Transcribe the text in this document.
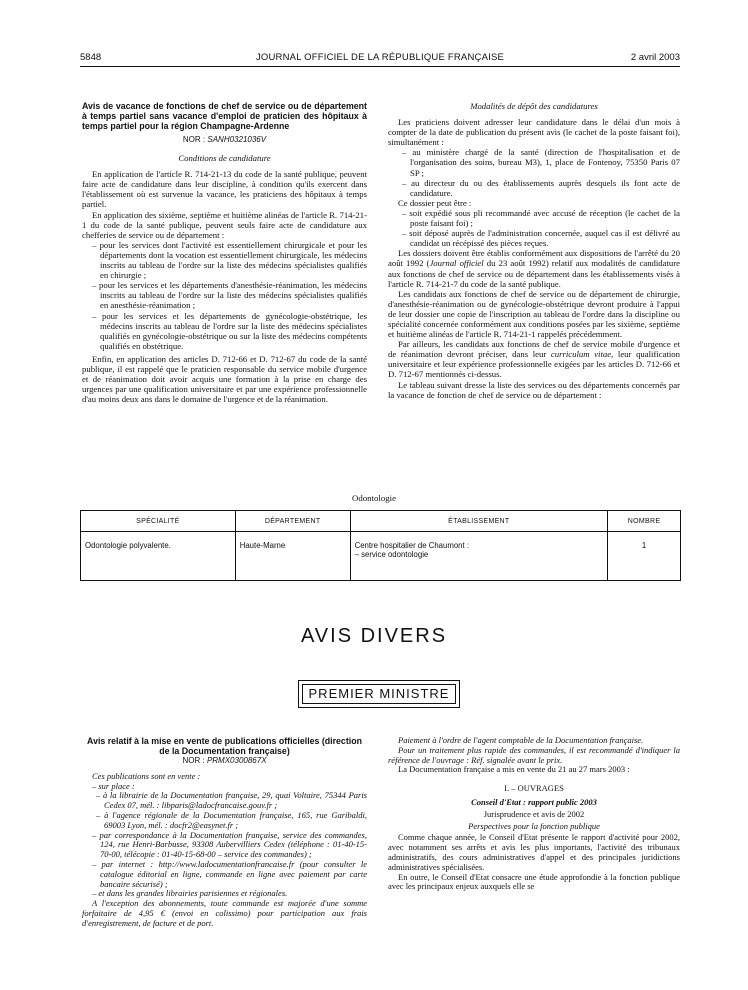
5848	JOURNAL OFFICIEL DE LA RÉPUBLIQUE FRANÇAISE	2 avril 2003

Avis de vacance de fonctions de chef de service ou de département à temps partiel sans vacance d'emploi de praticien des hôpitaux à temps partiel pour la région Champagne-Ardenne

NOR : SANH0321036V

Conditions de candidature

En application de l'article R. 714-21-13 du code de la santé publique, peuvent faire acte de candidature dans leur discipline, à condition qu'ils exercent dans l'établissement où est survenue la vacance, les praticiens des hôpitaux à temps partiel.

En application des sixième, septième et huitième alinéas de l'article R. 714-21-1 du code de la santé publique, peuvent seuls faire acte de candidature aux chefferies de service ou de département :

– pour les services dont l'activité est essentiellement chirurgicale et pour les départements dont la vocation est essentiellement chirurgicale, les médecins inscrits au tableau de l'ordre sur la liste des médecins spécialistes qualifiés en chirurgie ;
– pour les services et les départements d'anesthésie-réanimation, les médecins inscrits au tableau de l'ordre sur la liste des médecins spécialistes qualifiés en anesthésie-réanimation ;
– pour les services et les départements de gynécologie-obstétrique, les médecins inscrits au tableau de l'ordre sur la liste des médecins spécialistes qualifiés en gynécologie-obstétrique ou sur la liste des médecins compétents qualifiés en obstétrique.

Enfin, en application des articles D. 712-66 et D. 712-67 du code de la santé publique, il est rappelé que le praticien responsable du service mobile d'urgence et de réanimation doit avoir acquis une formation à la prise en charge des urgences par une qualification universitaire et par une expérience professionnelle d'au moins deux ans dans le domaine de l'urgence et de la réanimation.

Modalités de dépôt des candidatures

Les praticiens doivent adresser leur candidature dans le délai d'un mois à compter de la date de publication du présent avis (le cachet de la poste faisant foi), simultanément :

– au ministère chargé de la santé (direction de l'hospitalisation et de l'organisation des soins, bureau M3), 1, place de Fontenoy, 75350 Paris 07 SP ;
– au directeur du ou des établissements auprès desquels ils font acte de candidature.

Ce dossier peut être :

– soit expédié sous pli recommandé avec accusé de réception (le cachet de la poste faisant foi) ;
– soit déposé auprès de l'administration concernée, auquel cas il est délivré au candidat un récépissé des pièces reçues.

Les dossiers doivent être établis conformément aux dispositions de l'arrêté du 20 août 1992 (Journal officiel du 23 août 1992) relatif aux modalités de candidature aux fonctions de chef de service ou de département dans les établissements visés à l'article R. 714-21-7 du code de la santé publique.

Les candidats aux fonctions de chef de service ou de département de chirurgie, d'anesthésie-réanimation ou de gynécologie-obstétrique devront produire à l'appui de leur dossier une copie de l'inscription au tableau de l'ordre dans la discipline ou spécialité concernée conformément aux conditions posées par les sixième, septième et huitième alinéas de l'article R. 714-21-1 rappelés précédemment.

Par ailleurs, les candidats aux fonctions de chef de service mobile d'urgence et de réanimation devront préciser, dans leur curriculum vitae, leur qualification universitaire et leur expérience professionnelle exigées par les articles D. 712-66 et D. 712-67 mentionnés ci-dessus.

Le tableau suivant dresse la liste des services ou des départements concernés par la vacance de fonction de chef de service ou de département :

Odontologie
SPÉCIALITÉ	DÉPARTEMENT	ÉTABLISSEMENT	NOMBRE
Odontologie polyvalente.	Haute-Marne	Centre hospitalier de Chaumont :
– service odontologie	1
AVIS DIVERS
PREMIER MINISTRE

Avis relatif à la mise en vente de publications officielles (direction de la Documentation française)

NOR : PRMX0300867X

Ces publications sont en vente :

– sur place :

– à la librairie de la Documentation française, 29, quai Voltaire, 75344 Paris Cedex 07, mél. : libparis@ladocfrancaise.gouv.fr ;
– à l'agence régionale de la Documentation française, 165, rue Garibaldi, 69003 Lyon, mél. : docfr2@easynet.fr ;
– par correspondance à la Documentation française, service des commandes, 124, rue Henri-Barbusse, 93308 Aubervilliers Cedex (téléphone : 01-40-15-70-00, télécopie : 01-40-15-68-00 – service des commandes) ;
– par internet : http://www.ladocumentationfrancaise.fr (pour consulter le catalogue éditorial en ligne, commande en ligne avec paiement par carte bancaire sécurisé) ;
– et dans les grandes librairies parisiennes et régionales.

A l'exception des abonnements, toute commande est majorée d'une somme forfaitaire de 4,95 € (envoi en colissimo) pour participation aux frais d'enregistrement, de facture et de port.

Paiement à l'ordre de l'agent comptable de la Documentation française.

Pour un traitement plus rapide des commandes, il est recommandé d'indiquer la référence de l'ouvrage : Réf. signalée avant le prix.

La Documentation française a mis en vente du 21 au 27 mars 2003 :

I. – OUVRAGES

Conseil d'Etat : rapport public 2003

Jurisprudence et avis de 2002

Perspectives pour la fonction publique

Comme chaque année, le Conseil d'Etat présente le rapport d'activité pour 2002, avec notamment ses arrêts et avis les plus importants, l'activité des tribunaux administratifs, des cours administratives d'appel et des principales juridictions administratives spécialisées.

En outre, le Conseil d'Etat consacre une étude approfondie à la fonction publique avec les principaux enjeux auxquels elle se
